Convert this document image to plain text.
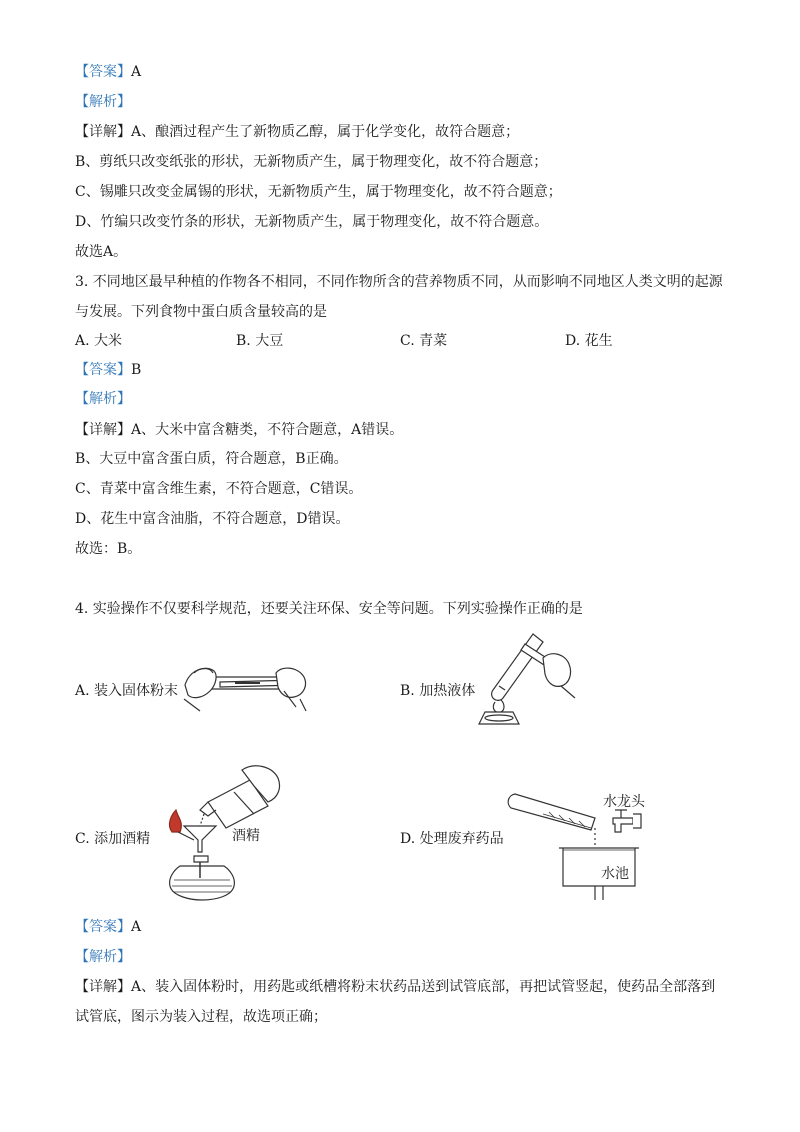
【答案】A
【解析】
【详解】A、酿酒过程产生了新物质乙醇，属于化学变化，故符合题意；
B、剪纸只改变纸张的形状，无新物质产生，属于物理变化，故不符合题意；
C、锡雕只改变金属锡的形状，无新物质产生，属于物理变化，故不符合题意；
D、竹编只改变竹条的形状，无新物质产生，属于物理变化，故不符合题意。
故选A。
3. 不同地区最早种植的作物各不相同，不同作物所含的营养物质不同，从而影响不同地区人类文明的起源
与发展。下列食物中蛋白质含量较高的是
A. 大米	B. 大豆	C. 青菜	D. 花生
【答案】B
【解析】
【详解】A、大米中富含糖类，不符合题意，A错误。
B、大豆中富含蛋白质，符合题意，B正确。
C、青菜中富含维生素，不符合题意，C错误。
D、花生中富含油脂，不符合题意，D错误。
故选：B。
4. 实验操作不仅要科学规范，还要关注环保、安全等问题。下列实验操作正确的是
A. 装入固体粉末	B. 加热液体
C. 添加酒精	酒精	D. 处理废弃药品
水龙头
水池
【答案】A
【解析】
【详解】A、装入固体粉时，用药匙或纸槽将粉末状药品送到试管底部，再把试管竖起，使药品全部落到
试管底，图示为装入过程，故选项正确；
